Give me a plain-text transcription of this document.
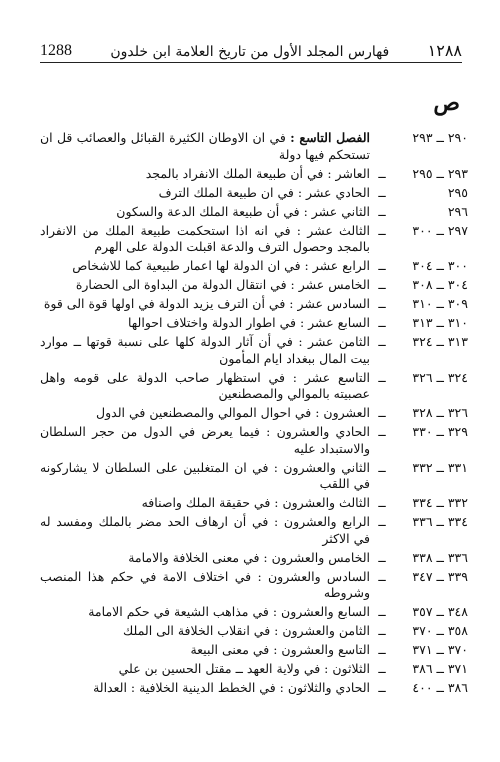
1288	فهارس المجلد الأول من تاريخ العلامة ابن خلدون ١٢٨٨
ص
٢٩٠ ــ ٢٩٣
الفصل التاسع : في ان الاوطان الكثيرة القبائل والعصائب قل ان تستحكم فيها دولة
٢٩٣ ــ ٢٩٥
ــ
العاشر : في أن طبيعة الملك الانفراد بالمجد
٢٩٥
ــ
الحادي عشر : في ان طبيعة الملك الترف
٢٩٦
ــ
الثاني عشر : في أن طبيعة الملك الدعة والسكون
٢٩٧ ــ ٣٠٠
ــ
الثالث عشر : في انه اذا استحكمت طبيعة الملك من الانفراد بالمجد وحصول الترف والدعة اقبلت الدولة على الهرم
٣٠٠ ــ ٣٠٤
ــ
الرابع عشر : في ان الدولة لها اعمار طبيعية كما للاشخاص
٣٠٤ ــ ٣٠٨
ــ
الخامس عشر : في انتقال الدولة من البداوة الى الحضارة
٣٠٩ ــ ٣١٠
ــ
السادس عشر : في أن الترف يزيد الدولة في اولها قوة الى قوة
٣١٠ ــ ٣١٣
ــ
السابع عشر : في اطوار الدولة واختلاف احوالها
٣١٣ ــ ٣٢٤
ــ
الثامن عشر : في أن آثار الدولة كلها على نسبة قوتها ــ موارد بيت المال ببغداد ايام المأمون
٣٢٤ ــ ٣٢٦
ــ
التاسع عشر : في استظهار صاحب الدولة على قومه واهل عصبيته بالموالي والمصطنعين
٣٢٦ ــ ٣٢٨
ــ
العشرون : في احوال الموالي والمصطنعين في الدول
٣٢٩ ــ ٣٣٠
ــ
الحادي والعشرون : فيما يعرض في الدول من حجر السلطان والاستبداد عليه
٣٣١ ــ ٣٣٢
ــ
الثاني والعشرون : في ان المتغلبين على السلطان لا يشاركونه في اللقب
٣٣٢ ــ ٣٣٤
ــ
الثالث والعشرون : في حقيقة الملك واصنافه
٣٣٤ ــ ٣٣٦
ــ
الرابع والعشرون : في أن ارهاف الحد مضر بالملك ومفسد له في الاكثر
٣٣٦ ــ ٣٣٨
ــ
الخامس والعشرون : في معنى الخلافة والامامة
٣٣٩ ــ ٣٤٧
ــ
السادس والعشرون : في اختلاف الامة في حكم هذا المنصب وشروطه
٣٤٨ ــ ٣٥٧
ــ
السابع والعشرون : في مذاهب الشيعة في حكم الامامة
٣٥٨ ــ ٣٧٠
ــ
الثامن والعشرون : في انقلاب الخلافة الى الملك
٣٧٠ ــ ٣٧١
ــ
التاسع والعشرون : في معنى البيعة
٣٧١ ــ ٣٨٦
ــ
الثلاثون : في ولاية العهد ــ مقتل الحسين بن علي
٣٨٦ ــ ٤٠٠
ــ
الحادي والثلاثون : في الخطط الدينية الخلافية : العدالة
